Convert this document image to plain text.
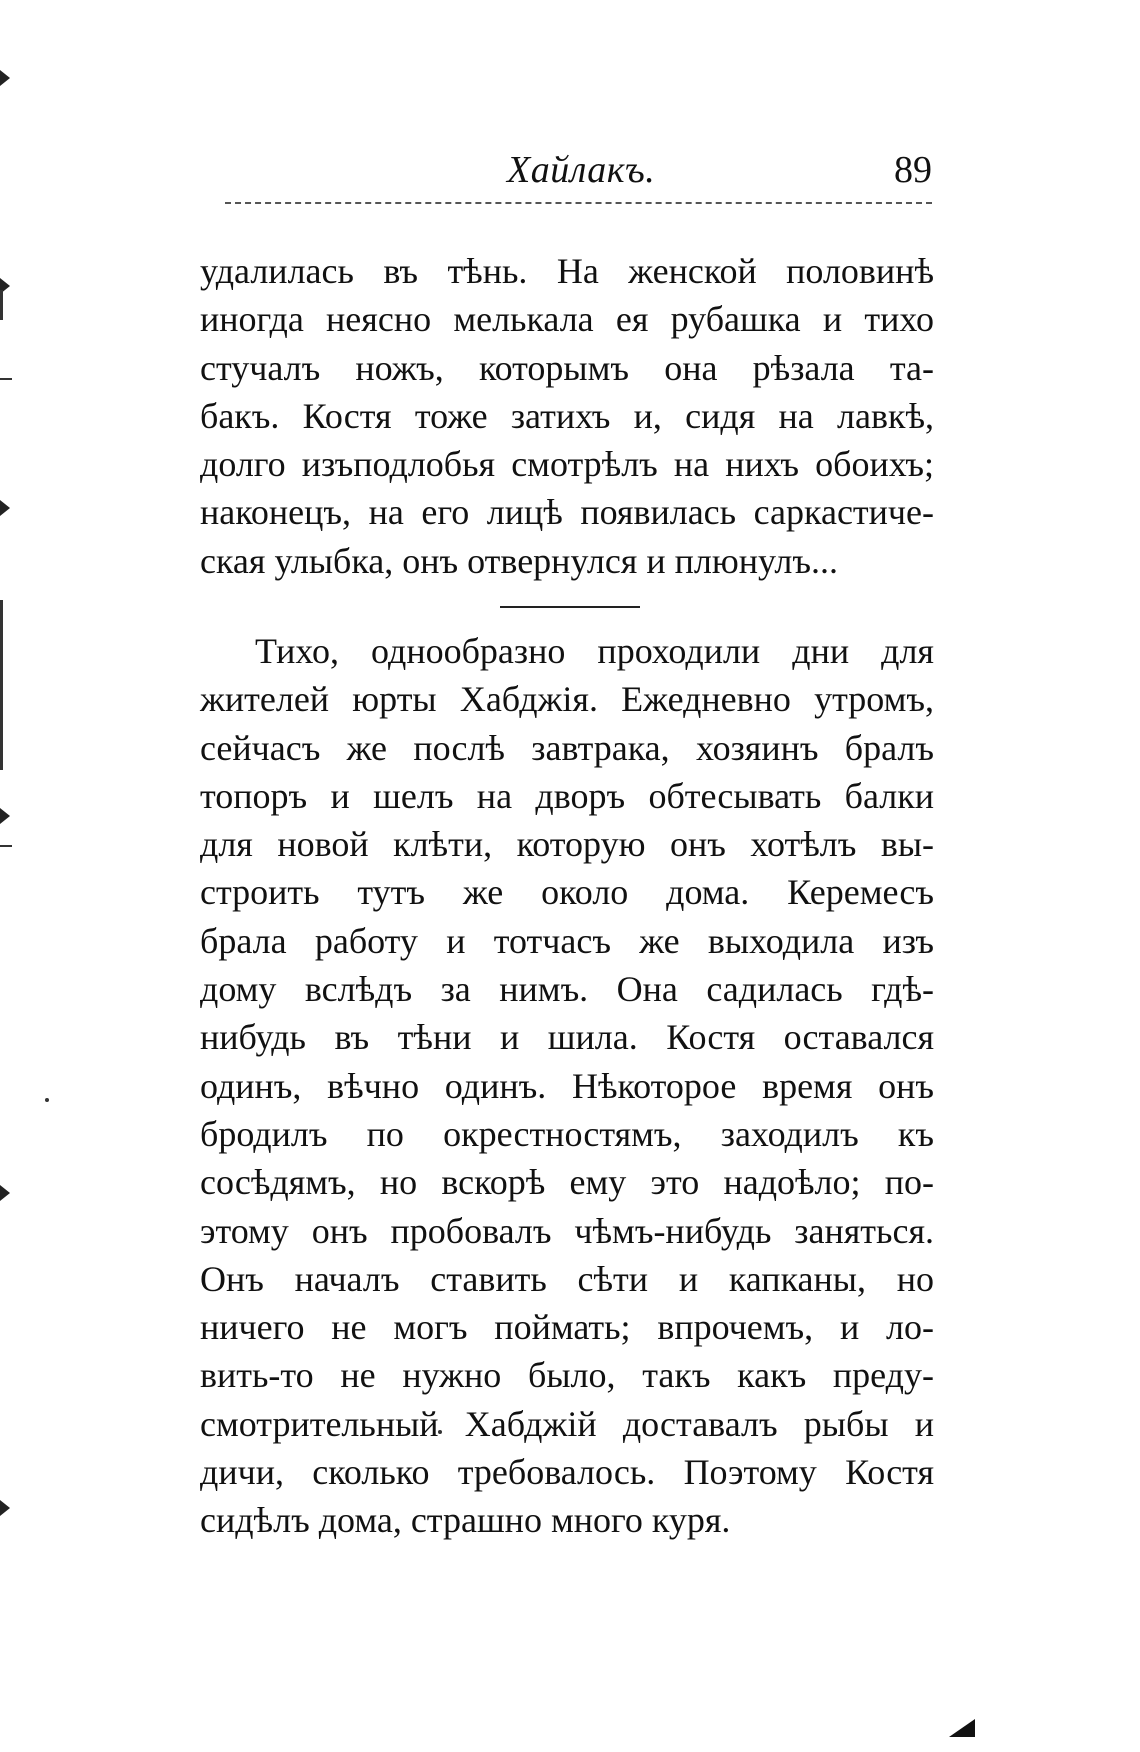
Хайлакъ.	89
удалилась въ тѣнь. На женской половинѣ
иногда неясно мелькала ея рубашка и тихо
стучалъ ножъ, которымъ она рѣзала та-
бакъ. Костя тоже затихъ и, сидя на лавкѣ,
долго изъподлобья смотрѣлъ на нихъ обоихъ;
наконецъ, на его лицѣ появилась саркастиче-
ская улыбка, онъ отвернулся и плюнулъ...
Тихо, однообразно проходили дни для
жителей юрты Хабджія. Ежедневно утромъ,
сейчасъ же послѣ завтрака, хозяинъ бралъ
топоръ и шелъ на дворъ обтесывать балки
для новой клѣти, которую онъ хотѣлъ вы-
строить тутъ же около дома. Керемесъ
брала работу и тотчасъ же выходила изъ
дому вслѣдъ за нимъ. Она садилась гдѣ-
нибудь въ тѣни и шила. Костя оставался
одинъ, вѣчно одинъ. Нѣкоторое время онъ
бродилъ по окрестностямъ, заходилъ къ
сосѣдямъ, но вскорѣ ему это надоѣло; по-
этому онъ пробовалъ чѣмъ-нибудь заняться.
Онъ началъ ставить сѣти и капканы, но
ничего не могъ поймать; впрочемъ, и ло-
вить-то не нужно было, такъ какъ преду-
смотрительный Хабджій доставалъ рыбы и
дичи, сколько требовалось. Поэтому Костя
сидѣлъ дома, страшно много куря.
